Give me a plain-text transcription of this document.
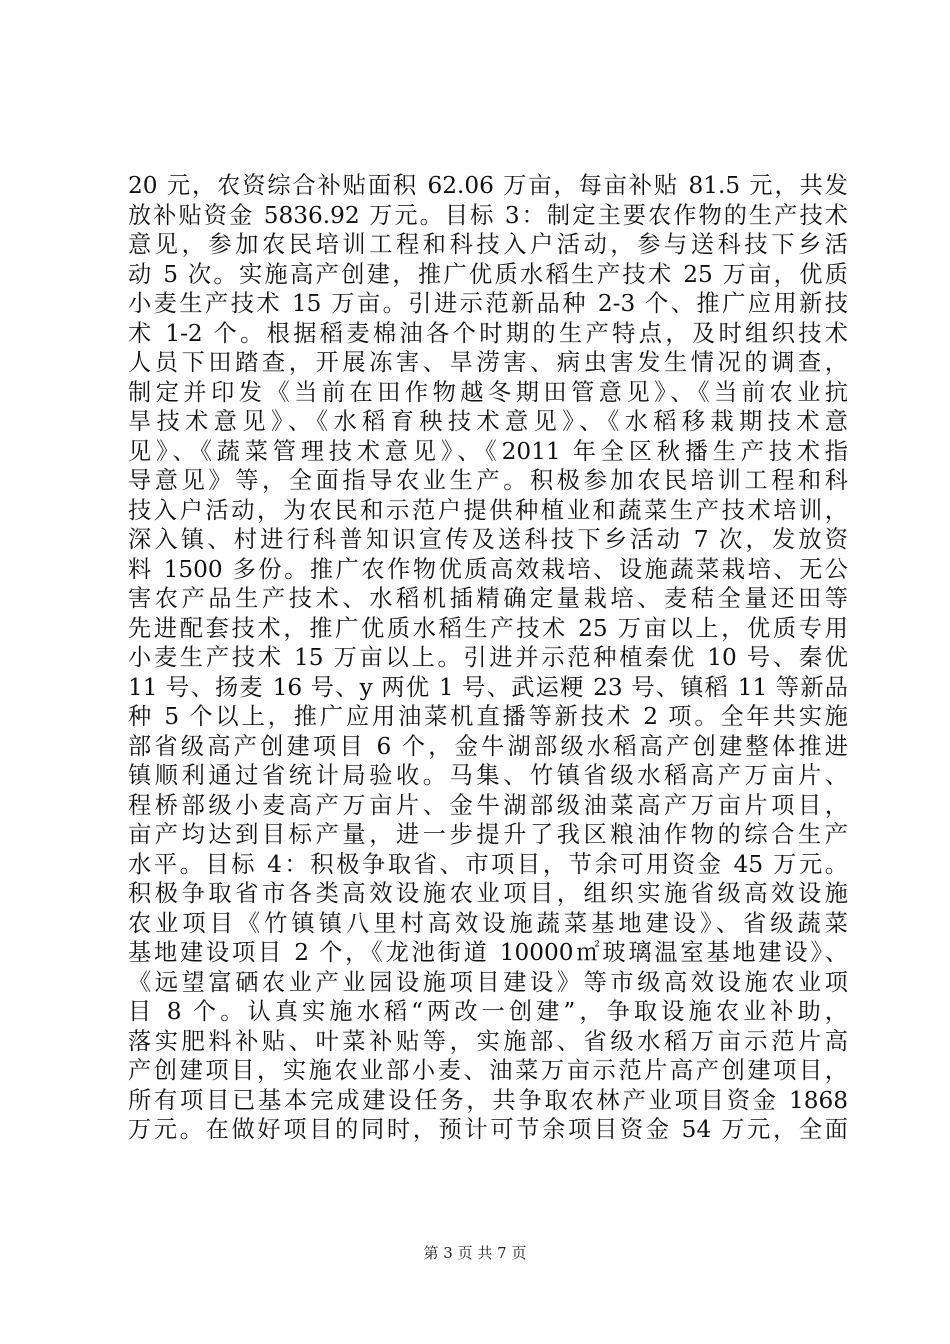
20 元，农资综合补贴面积 62.06 万亩，每亩补贴 81.5 元，共发
放补贴资金 5836.92 万元。目标 3：制定主要农作物的生产技术
意见，参加农民培训工程和科技入户活动，参与送科技下乡活
动 5 次。实施高产创建，推广优质水稻生产技术 25 万亩，优质
小麦生产技术 15 万亩。引进示范新品种 2-3 个、推广应用新技
术 1-2 个。根据稻麦棉油各个时期的生产特点，及时组织技术
人员下田踏查，开展冻害、旱涝害、病虫害发生情况的调查，
制定并印发《当前在田作物越冬期田管意见》、《当前农业抗
旱技术意见》、《水稻育秧技术意见》、《水稻移栽期技术意
见》、《蔬菜管理技术意见》、《2011 年全区秋播生产技术指
导意见》等，全面指导农业生产。积极参加农民培训工程和科
技入户活动，为农民和示范户提供种植业和蔬菜生产技术培训，
深入镇、村进行科普知识宣传及送科技下乡活动 7 次，发放资
料 1500 多份。推广农作物优质高效栽培、设施蔬菜栽培、无公
害农产品生产技术、水稻机插精确定量栽培、麦秸全量还田等
先进配套技术，推广优质水稻生产技术 25 万亩以上，优质专用
小麦生产技术 15 万亩以上。引进并示范种植秦优 10 号、秦优
11 号、扬麦 16 号、y 两优 1 号、武运粳 23 号、镇稻 11 等新品
种 5 个以上，推广应用油菜机直播等新技术 2 项。全年共实施
部省级高产创建项目 6 个，金牛湖部级水稻高产创建整体推进
镇顺利通过省统计局验收。马集、竹镇省级水稻高产万亩片、
程桥部级小麦高产万亩片、金牛湖部级油菜高产万亩片项目，
亩产均达到目标产量，进一步提升了我区粮油作物的综合生产
水平。目标 4：积极争取省、市项目，节余可用资金 45 万元。
积极争取省市各类高效设施农业项目，组织实施省级高效设施
农业项目《竹镇镇八里村高效设施蔬菜基地建设》、省级蔬菜
基地建设项目 2 个，《龙池街道 10000㎡玻璃温室基地建设》、
《远望富硒农业产业园设施项目建设》等市级高效设施农业项
目 8 个。认真实施水稻“两改一创建”，争取设施农业补助，
落实肥料补贴、叶菜补贴等，实施部、省级水稻万亩示范片高
产创建项目，实施农业部小麦、油菜万亩示范片高产创建项目，
所有项目已基本完成建设任务，共争取农林产业项目资金 1868
万元。在做好项目的同时，预计可节余项目资金 54 万元，全面
第 3 页 共 7 页
